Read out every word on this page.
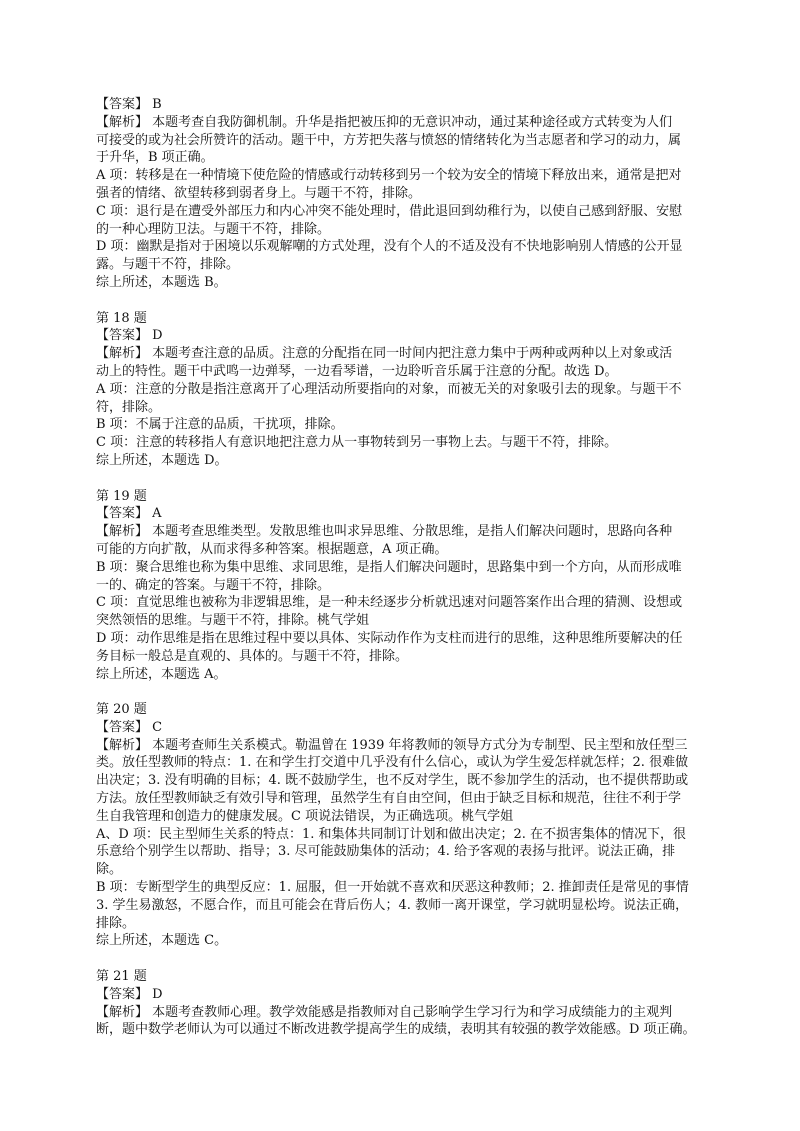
【答案】 B

【解析】 本题考查自我防御机制。升华是指把被压抑的无意识冲动，通过某种途径或方式转变为人们

可接受的或为社会所赞许的活动。题干中，方芳把失落与愤怒的情绪转化为当志愿者和学习的动力，属

于升华，B 项正确。

A 项：转移是在一种情境下使危险的情感或行动转移到另一个较为安全的情境下释放出来，通常是把对

强者的情绪、欲望转移到弱者身上。与题干不符，排除。

C 项：退行是在遭受外部压力和内心冲突不能处理时，借此退回到幼稚行为，以使自己感到舒服、安慰

的一种心理防卫法。与题干不符，排除。

D 项：幽默是指对于困境以乐观解嘲的方式处理，没有个人的不适及没有不快地影响别人情感的公开显

露。与题干不符，排除。

综上所述，本题选 B。

第 18 题

【答案】 D

【解析】 本题考查注意的品质。注意的分配指在同一时间内把注意力集中于两种或两种以上对象或活

动上的特性。题干中武鸣一边弹琴，一边看琴谱，一边聆听音乐属于注意的分配。故选 D。

A 项：注意的分散是指注意离开了心理活动所要指向的对象，而被无关的对象吸引去的现象。与题干不

符，排除。

B 项：不属于注意的品质，干扰项，排除。

C 项：注意的转移指人有意识地把注意力从一事物转到另一事物上去。与题干不符，排除。

综上所述，本题选 D。

第 19 题

【答案】 A

【解析】 本题考查思维类型。发散思维也叫求异思维、分散思维，是指人们解决问题时，思路向各种

可能的方向扩散，从而求得多种答案。根据题意，A 项正确。

B 项：聚合思维也称为集中思维、求同思维，是指人们解决问题时，思路集中到一个方向，从而形成唯

一的、确定的答案。与题干不符，排除。

C 项：直觉思维也被称为非逻辑思维，是一种未经逐步分析就迅速对问题答案作出合理的猜测、设想或

突然领悟的思维。与题干不符，排除。桃气学姐

D 项：动作思维是指在思维过程中要以具体、实际动作作为支柱而进行的思维，这种思维所要解决的任

务目标一般总是直观的、具体的。与题干不符，排除。

综上所述，本题选 A。

第 20 题

【答案】 C

【解析】 本题考查师生关系模式。勒温曾在 1939 年将教师的领导方式分为专制型、民主型和放任型三

类。放任型教师的特点：1. 在和学生打交道中几乎没有什么信心，或认为学生爱怎样就怎样；2. 很难做

出决定；3. 没有明确的目标；4. 既不鼓励学生，也不反对学生，既不参加学生的活动，也不提供帮助或

方法。放任型教师缺乏有效引导和管理，虽然学生有自由空间，但由于缺乏目标和规范，往往不利于学

生自我管理和创造力的健康发展。C 项说法错误，为正确选项。桃气学姐

A、D 项：民主型师生关系的特点：1. 和集体共同制订计划和做出决定；2. 在不损害集体的情况下，很

乐意给个别学生以帮助、指导；3. 尽可能鼓励集体的活动；4. 给予客观的表扬与批评。说法正确，排

除。

B 项：专断型学生的典型反应：1. 屈服，但一开始就不喜欢和厌恶这种教师；2. 推卸责任是常见的事情

3. 学生易激怒，不愿合作，而且可能会在背后伤人；4. 教师一离开课堂，学习就明显松垮。说法正确，

排除。

综上所述，本题选 C。

第 21 题

【答案】 D

【解析】 本题考查教师心理。教学效能感是指教师对自己影响学生学习行为和学习成绩能力的主观判

断，题中数学老师认为可以通过不断改进教学提高学生的成绩，表明其有较强的教学效能感。D 项正确。
